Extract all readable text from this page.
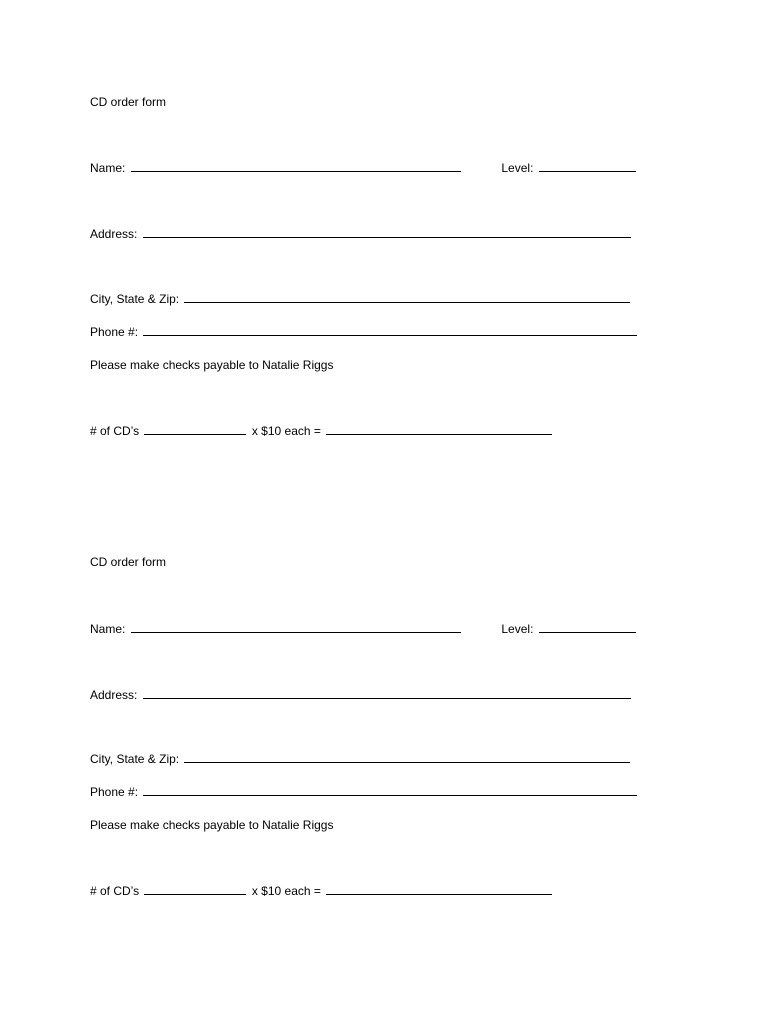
CD order form
Name:	Level:
Address:
City, State & Zip:
Phone #:
Please make checks payable to Natalie Riggs
# of CD’s	x $10 each =
CD order form
Name:	Level:
Address:
City, State & Zip:
Phone #:
Please make checks payable to Natalie Riggs
# of CD’s	x $10 each =
